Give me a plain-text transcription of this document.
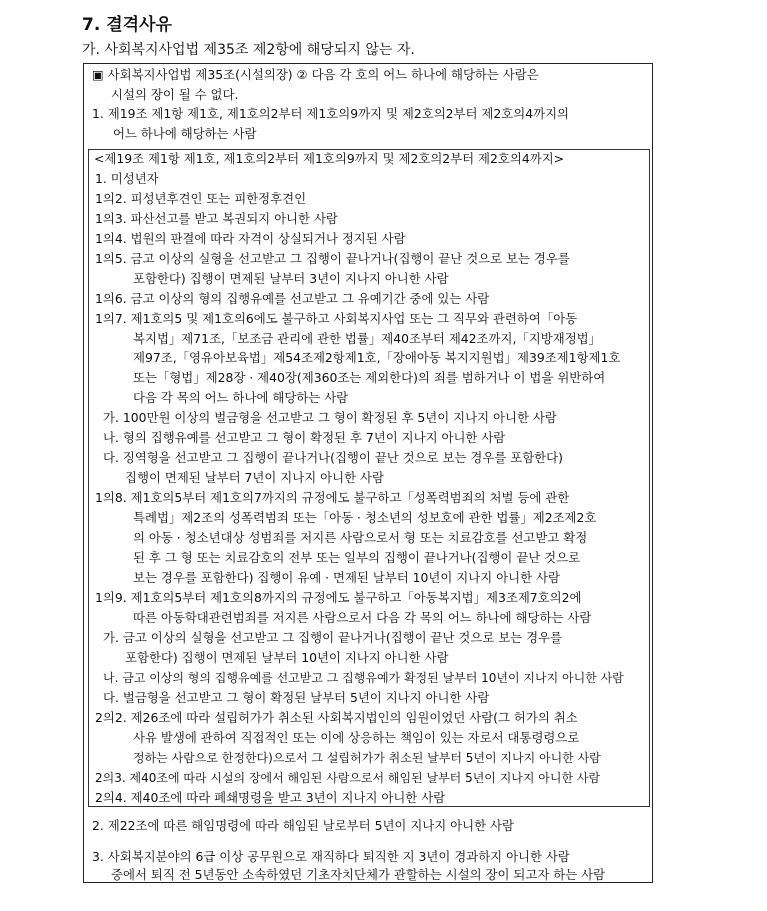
7. 결격사유
가. 사회복지사업법 제35조 제2항에 해당되지 않는 자.
▣ 사회복지사업법 제35조(시설의장) ② 다음 각 호의 어느 하나에 해당하는 사람은
시설의 장이 될 수 없다.
1. 제19조 제1항 제1호, 제1호의2부터 제1호의9까지 및 제2호의2부터 제2호의4까지의
어느 하나에 해당하는 사람
<제19조 제1항 제1호, 제1호의2부터 제1호의9까지 및 제2호의2부터 제2호의4까지>
1. 미성년자
1의2. 피성년후견인 또는 피한정후견인
1의3. 파산선고를 받고 복권되지 아니한 사람
1의4. 법원의 판결에 따라 자격이 상실되거나 정지된 사람
1의5. 금고 이상의 실형을 선고받고 그 집행이 끝나거나(집행이 끝난 것으로 보는 경우를
포함한다) 집행이 면제된 날부터 3년이 지나지 아니한 사람
1의6. 금고 이상의 형의 집행유예를 선고받고 그 유예기간 중에 있는 사람
1의7. 제1호의5 및 제1호의6에도 불구하고 사회복지사업 또는 그 직무와 관련하여「아동
복지법」제71조,「보조금 관리에 관한 법률」제40조부터 제42조까지,「지방재정법」
제97조,「영유아보육법」제54조제2항제1호,「장애아동 복지지원법」제39조제1항제1호
또는「형법」제28장 · 제40장(제360조는 제외한다)의 죄를 범하거나 이 법을 위반하여
다음 각 목의 어느 하나에 해당하는 사람
가. 100만원 이상의 벌금형을 선고받고 그 형이 확정된 후 5년이 지나지 아니한 사람
나. 형의 집행유예를 선고받고 그 형이 확정된 후 7년이 지나지 아니한 사람
다. 징역형을 선고받고 그 집행이 끝나거나(집행이 끝난 것으로 보는 경우를 포함한다)
집행이 면제된 날부터 7년이 지나지 아니한 사람
1의8. 제1호의5부터 제1호의7까지의 규정에도 불구하고「성폭력범죄의 처벌 등에 관한
특례법」제2조의 성폭력범죄 또는「아동 · 청소년의 성보호에 관한 법률」제2조제2호
의 아동 · 청소년대상 성범죄를 저지른 사람으로서 형 또는 치료감호를 선고받고 확정
된 후 그 형 또는 치료감호의 전부 또는 일부의 집행이 끝나거나(집행이 끝난 것으로
보는 경우를 포함한다) 집행이 유예 · 면제된 날부터 10년이 지나지 아니한 사람
1의9. 제1호의5부터 제1호의8까지의 규정에도 불구하고「아동복지법」제3조제7호의2에
따른 아동학대관련범죄를 저지른 사람으로서 다음 각 목의 어느 하나에 해당하는 사람
가. 금고 이상의 실형을 선고받고 그 집행이 끝나거나(집행이 끝난 것으로 보는 경우를
포함한다) 집행이 면제된 날부터 10년이 지나지 아니한 사람
나. 금고 이상의 형의 집행유예를 선고받고 그 집행유예가 확정된 날부터 10년이 지나지 아니한 사람
다. 벌금형을 선고받고 그 형이 확정된 날부터 5년이 지나지 아니한 사람
2의2. 제26조에 따라 설립허가가 취소된 사회복지법인의 임원이었던 사람(그 허가의 취소
사유 발생에 관하여 직접적인 또는 이에 상응하는 책임이 있는 자로서 대통령령으로
정하는 사람으로 한정한다)으로서 그 설립허가가 취소된 날부터 5년이 지나지 아니한 사람
2의3. 제40조에 따라 시설의 장에서 해임된 사람으로서 해임된 날부터 5년이 지나지 아니한 사람
2의4. 제40조에 따라 폐쇄명령을 받고 3년이 지나지 아니한 사람
2. 제22조에 따른 해임명령에 따라 해임된 날로부터 5년이 지나지 아니한 사람
3. 사회복지분야의 6급 이상 공무원으로 재직하다 퇴직한 지 3년이 경과하지 아니한 사람
중에서 퇴직 전 5년동안 소속하였던 기초자치단체가 관할하는 시설의 장이 되고자 하는 사람
